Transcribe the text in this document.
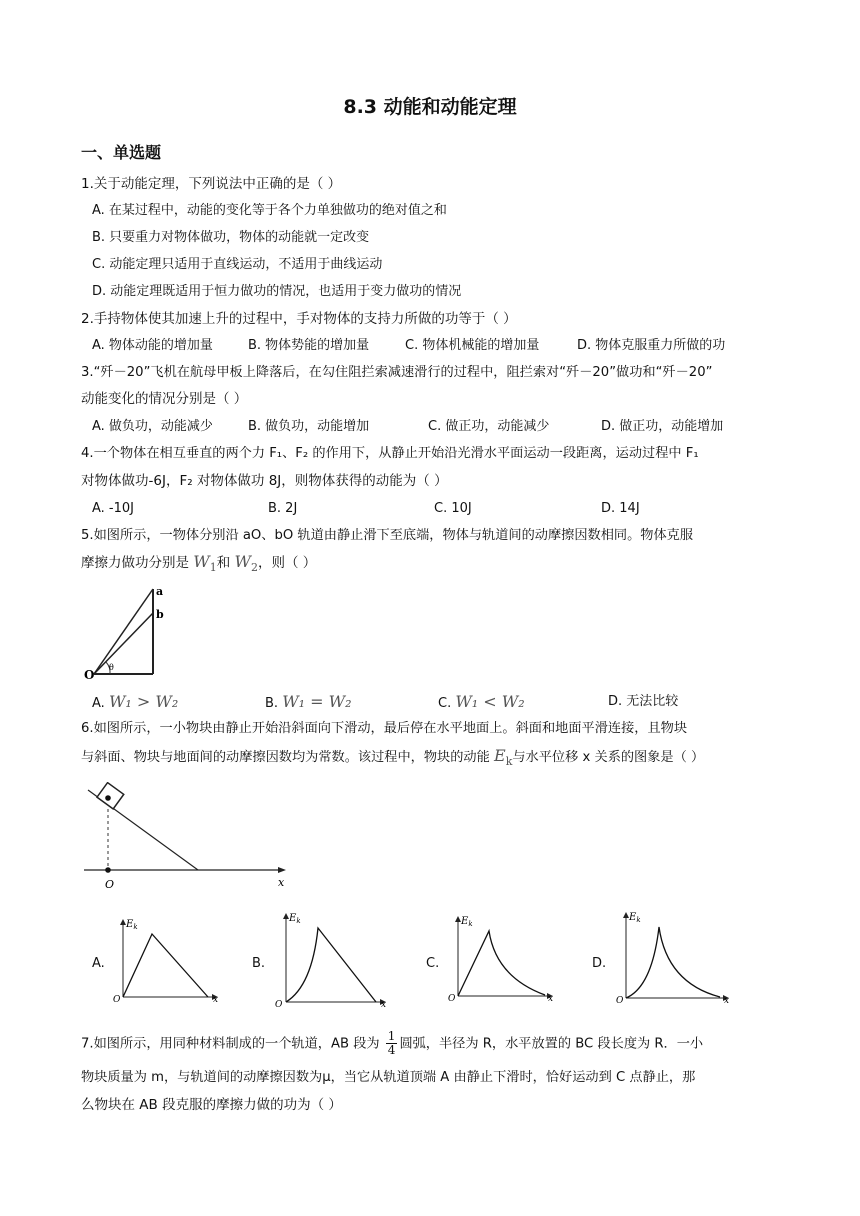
8.3 动能和动能定理
一、单选题
1.关于动能定理，下列说法中正确的是（ ）
A. 在某过程中，动能的变化等于各个力单独做功的绝对值之和
B. 只要重力对物体做功，物体的动能就一定改变
C. 动能定理只适用于直线运动，不适用于曲线运动
D. 动能定理既适用于恒力做功的情况，也适用于变力做功的情况
2.手持物体使其加速上升的过程中，手对物体的支持力所做的功等于（ ）
A. 物体动能的增加量	B. 物体势能的增加量	C. 物体机械能的增加量	D. 物体克服重力所做的功
3.“歼－20”飞机在航母甲板上降落后，在勾住阻拦索减速滑行的过程中，阻拦索对“歼－20”做功和“歼－20”
动能变化的情况分别是（ ）
A. 做负功，动能减少	B. 做负功，动能增加	C. 做正功，动能减少	D. 做正功，动能增加
4.一个物体在相互垂直的两个力 F₁、F₂ 的作用下，从静止开始沿光滑水平面运动一段距离，运动过程中 F₁
对物体做功-6J，F₂ 对物体做功 8J，则物体获得的动能为（ ）
A. -10J	B. 2J	C. 10J	D. 14J
5.如图所示，一物体分别沿 aO、bO 轨道由静止滑下至底端，物体与轨道间的动摩擦因数相同。物体克服
摩擦力做功分别是 $W_1$和 $W_2$，则（ ）
a
b
O
θ
A. W₁ > W₂	B. W₁ = W₂	C. W₁ < W₂	D. 无法比较
6.如图所示，一小物块由静止开始沿斜面向下滑动，最后停在水平地面上。斜面和地面平滑连接，且物块
与斜面、物块与地面间的动摩擦因数均为常数。该过程中，物块的动能 $E_k$与水平位移 x 关系的图象是（ ）
O	x
A.
$E_k$
O	x
B.
$E_k$
O	x
C.
$E_k$
O	x
D.
$E_k$
O	x
7.如图所示，用同种材料制成的一个轨道，AB 段为 $\frac{1}{4}$ 圆弧，半径为 R，水平放置的 BC 段长度为 R．一小
物块质量为 m，与轨道间的动摩擦因数为μ，当它从轨道顶端 A 由静止下滑时，恰好运动到 C 点静止，那
么物块在 AB 段克服的摩擦力做的功为（ ）
